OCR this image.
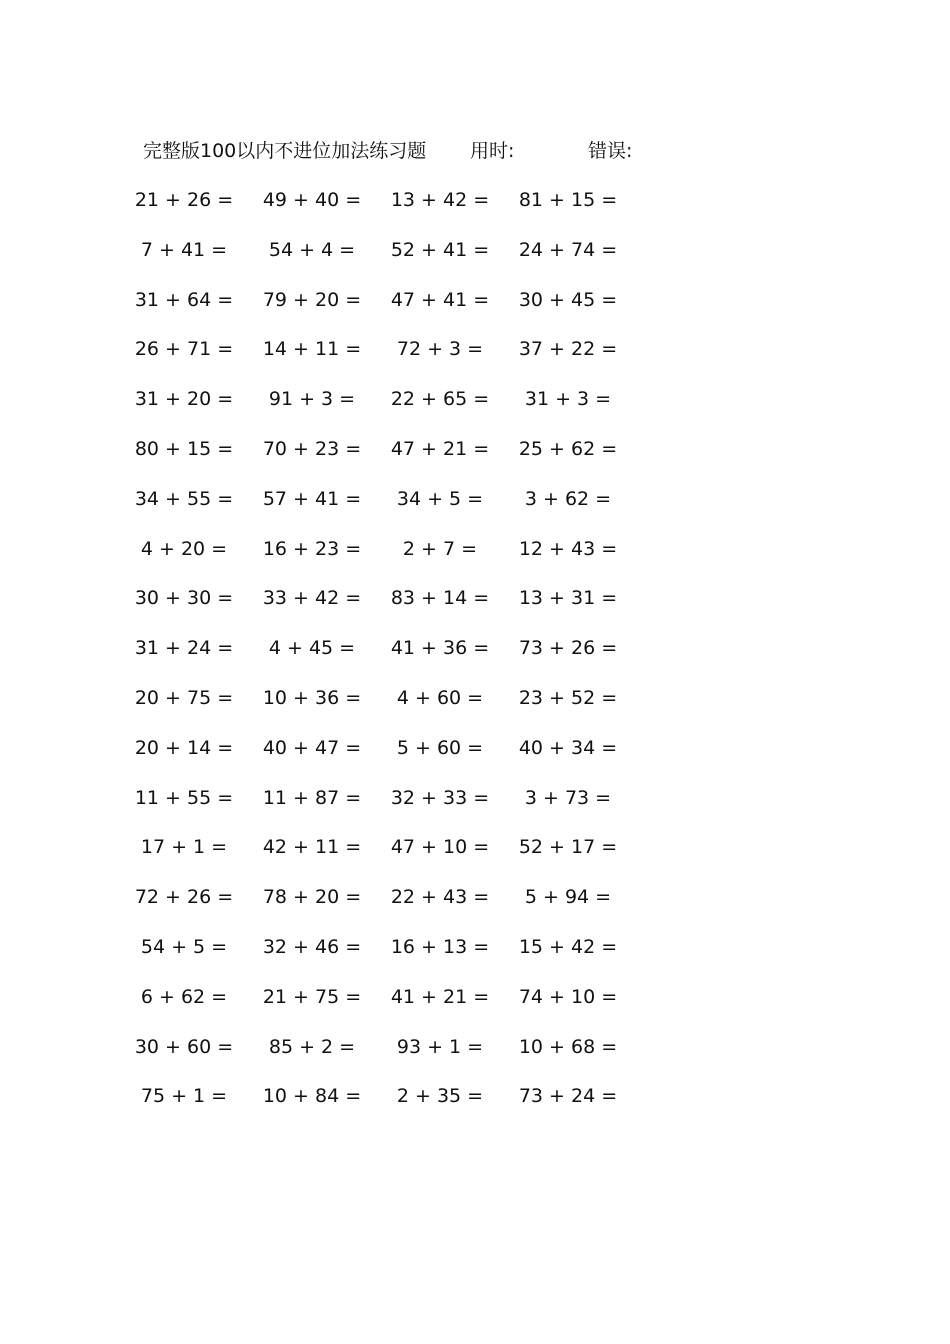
完整版100以内不进位加法练习题 用时:	错误:
21 + 26 =	49 + 40 =	13 + 42 =	81 + 15 =
7 + 41 =	54 + 4 =	52 + 41 =	24 + 74 =
31 + 64 =	79 + 20 =	47 + 41 =	30 + 45 =
26 + 71 =	14 + 11 =	72 + 3 =	37 + 22 =
31 + 20 =	91 + 3 =	22 + 65 =	31 + 3 =
80 + 15 =	70 + 23 =	47 + 21 =	25 + 62 =
34 + 55 =	57 + 41 =	34 + 5 =	3 + 62 =
4 + 20 =	16 + 23 =	2 + 7 =	12 + 43 =
30 + 30 =	33 + 42 =	83 + 14 =	13 + 31 =
31 + 24 =	4 + 45 =	41 + 36 =	73 + 26 =
20 + 75 =	10 + 36 =	4 + 60 =	23 + 52 =
20 + 14 =	40 + 47 =	5 + 60 =	40 + 34 =
11 + 55 =	11 + 87 =	32 + 33 =	3 + 73 =
17 + 1 =	42 + 11 =	47 + 10 =	52 + 17 =
72 + 26 =	78 + 20 =	22 + 43 =	5 + 94 =
54 + 5 =	32 + 46 =	16 + 13 =	15 + 42 =
6 + 62 =	21 + 75 =	41 + 21 =	74 + 10 =
30 + 60 =	85 + 2 =	93 + 1 =	10 + 68 =
75 + 1 =	10 + 84 =	2 + 35 =	73 + 24 =
